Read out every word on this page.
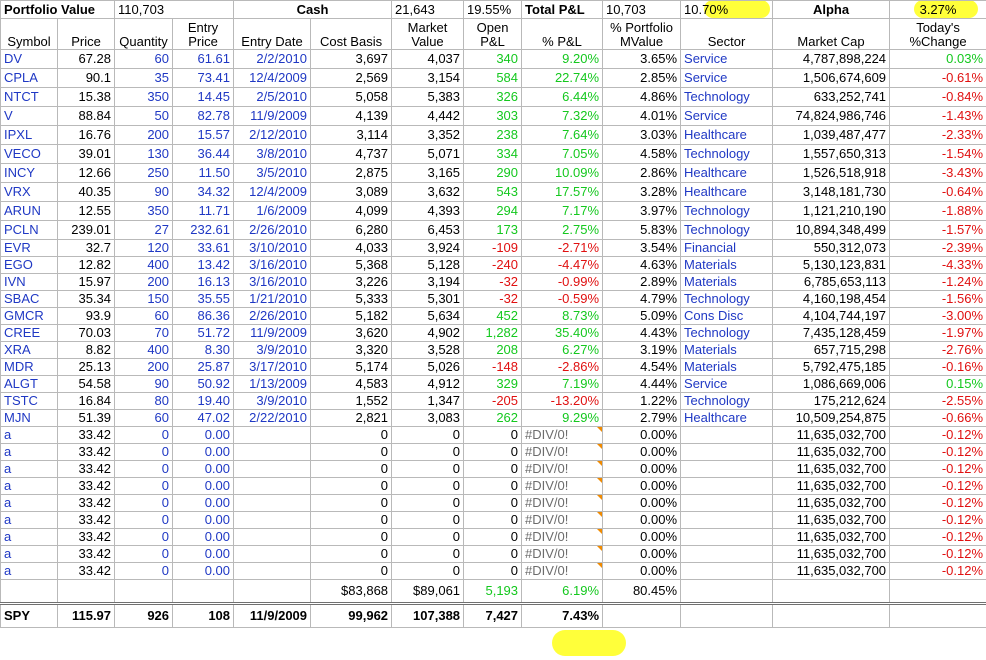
Portfolio Value		110,703		Cash		21,643	19.55%	Total P&L	10,703	10.70%	Alpha	3.27%
Symbol	Price	Quantity	Entry Price	Entry Date	Cost Basis	Market Value	Open P&L	% P&L	% Portfolio MValue	Sector	Market Cap	Today's %Change
DV	67.28	60	61.61	2/2/2010	3,697	4,037	340	9.20%	3.65%	Service	4,787,898,224	0.03%
CPLA	90.1	35	73.41	12/4/2009	2,569	3,154	584	22.74%	2.85%	Service	1,506,674,609	-0.61%
NTCT	15.38	350	14.45	2/5/2010	5,058	5,383	326	6.44%	4.86%	Technology	633,252,741	-0.84%
V	88.84	50	82.78	11/9/2009	4,139	4,442	303	7.32%	4.01%	Service	74,824,986,746	-1.43%
IPXL	16.76	200	15.57	2/12/2010	3,114	3,352	238	7.64%	3.03%	Healthcare	1,039,487,477	-2.33%
VECO	39.01	130	36.44	3/8/2010	4,737	5,071	334	7.05%	4.58%	Technology	1,557,650,313	-1.54%
INCY	12.66	250	11.50	3/5/2010	2,875	3,165	290	10.09%	2.86%	Healthcare	1,526,518,918	-3.43%
VRX	40.35	90	34.32	12/4/2009	3,089	3,632	543	17.57%	3.28%	Healthcare	3,148,181,730	-0.64%
ARUN	12.55	350	11.71	1/6/2009	4,099	4,393	294	7.17%	3.97%	Technology	1,121,210,190	-1.88%
PCLN	239.01	27	232.61	2/26/2010	6,280	6,453	173	2.75%	5.83%	Technology	10,894,348,499	-1.57%
EVR	32.7	120	33.61	3/10/2010	4,033	3,924	-109	-2.71%	3.54%	Financial	550,312,073	-2.39%
EGO	12.82	400	13.42	3/16/2010	5,368	5,128	-240	-4.47%	4.63%	Materials	5,130,123,831	-4.33%
IVN	15.97	200	16.13	3/16/2010	3,226	3,194	-32	-0.99%	2.89%	Materials	6,785,653,113	-1.24%
SBAC	35.34	150	35.55	1/21/2010	5,333	5,301	-32	-0.59%	4.79%	Technology	4,160,198,454	-1.56%
GMCR	93.9	60	86.36	2/26/2010	5,182	5,634	452	8.73%	5.09%	Cons Disc	4,104,744,197	-3.00%
CREE	70.03	70	51.72	11/9/2009	3,620	4,902	1,282	35.40%	4.43%	Technology	7,435,128,459	-1.97%
XRA	8.82	400	8.30	3/9/2010	3,320	3,528	208	6.27%	3.19%	Materials	657,715,298	-2.76%
MDR	25.13	200	25.87	3/17/2010	5,174	5,026	-148	-2.86%	4.54%	Materials	5,792,475,185	-0.16%
ALGT	54.58	90	50.92	1/13/2009	4,583	4,912	329	7.19%	4.44%	Service	1,086,669,006	0.15%
TSTC	16.84	80	19.40	3/9/2010	1,552	1,347	-205	-13.20%	1.22%	Technology	175,212,624	-2.55%
MJN	51.39	60	47.02	2/22/2010	2,821	3,083	262	9.29%	2.79%	Healthcare	10,509,254,875	-0.66%
a	33.42	0	0.00		0	0	0	#DIV/0!	0.00%		11,635,032,700	-0.12%
a	33.42	0	0.00		0	0	0	#DIV/0!	0.00%		11,635,032,700	-0.12%
a	33.42	0	0.00		0	0	0	#DIV/0!	0.00%		11,635,032,700	-0.12%
a	33.42	0	0.00		0	0	0	#DIV/0!	0.00%		11,635,032,700	-0.12%
a	33.42	0	0.00		0	0	0	#DIV/0!	0.00%		11,635,032,700	-0.12%
a	33.42	0	0.00		0	0	0	#DIV/0!	0.00%		11,635,032,700	-0.12%
a	33.42	0	0.00		0	0	0	#DIV/0!	0.00%		11,635,032,700	-0.12%
a	33.42	0	0.00		0	0	0	#DIV/0!	0.00%		11,635,032,700	-0.12%
a	33.42	0	0.00		0	0	0	#DIV/0!	0.00%		11,635,032,700	-0.12%
					$83,868	$89,061	5,193	6.19%	80.45%			
SPY	115.97	926	108	11/9/2009	99,962	107,388	7,427	7.43%				
